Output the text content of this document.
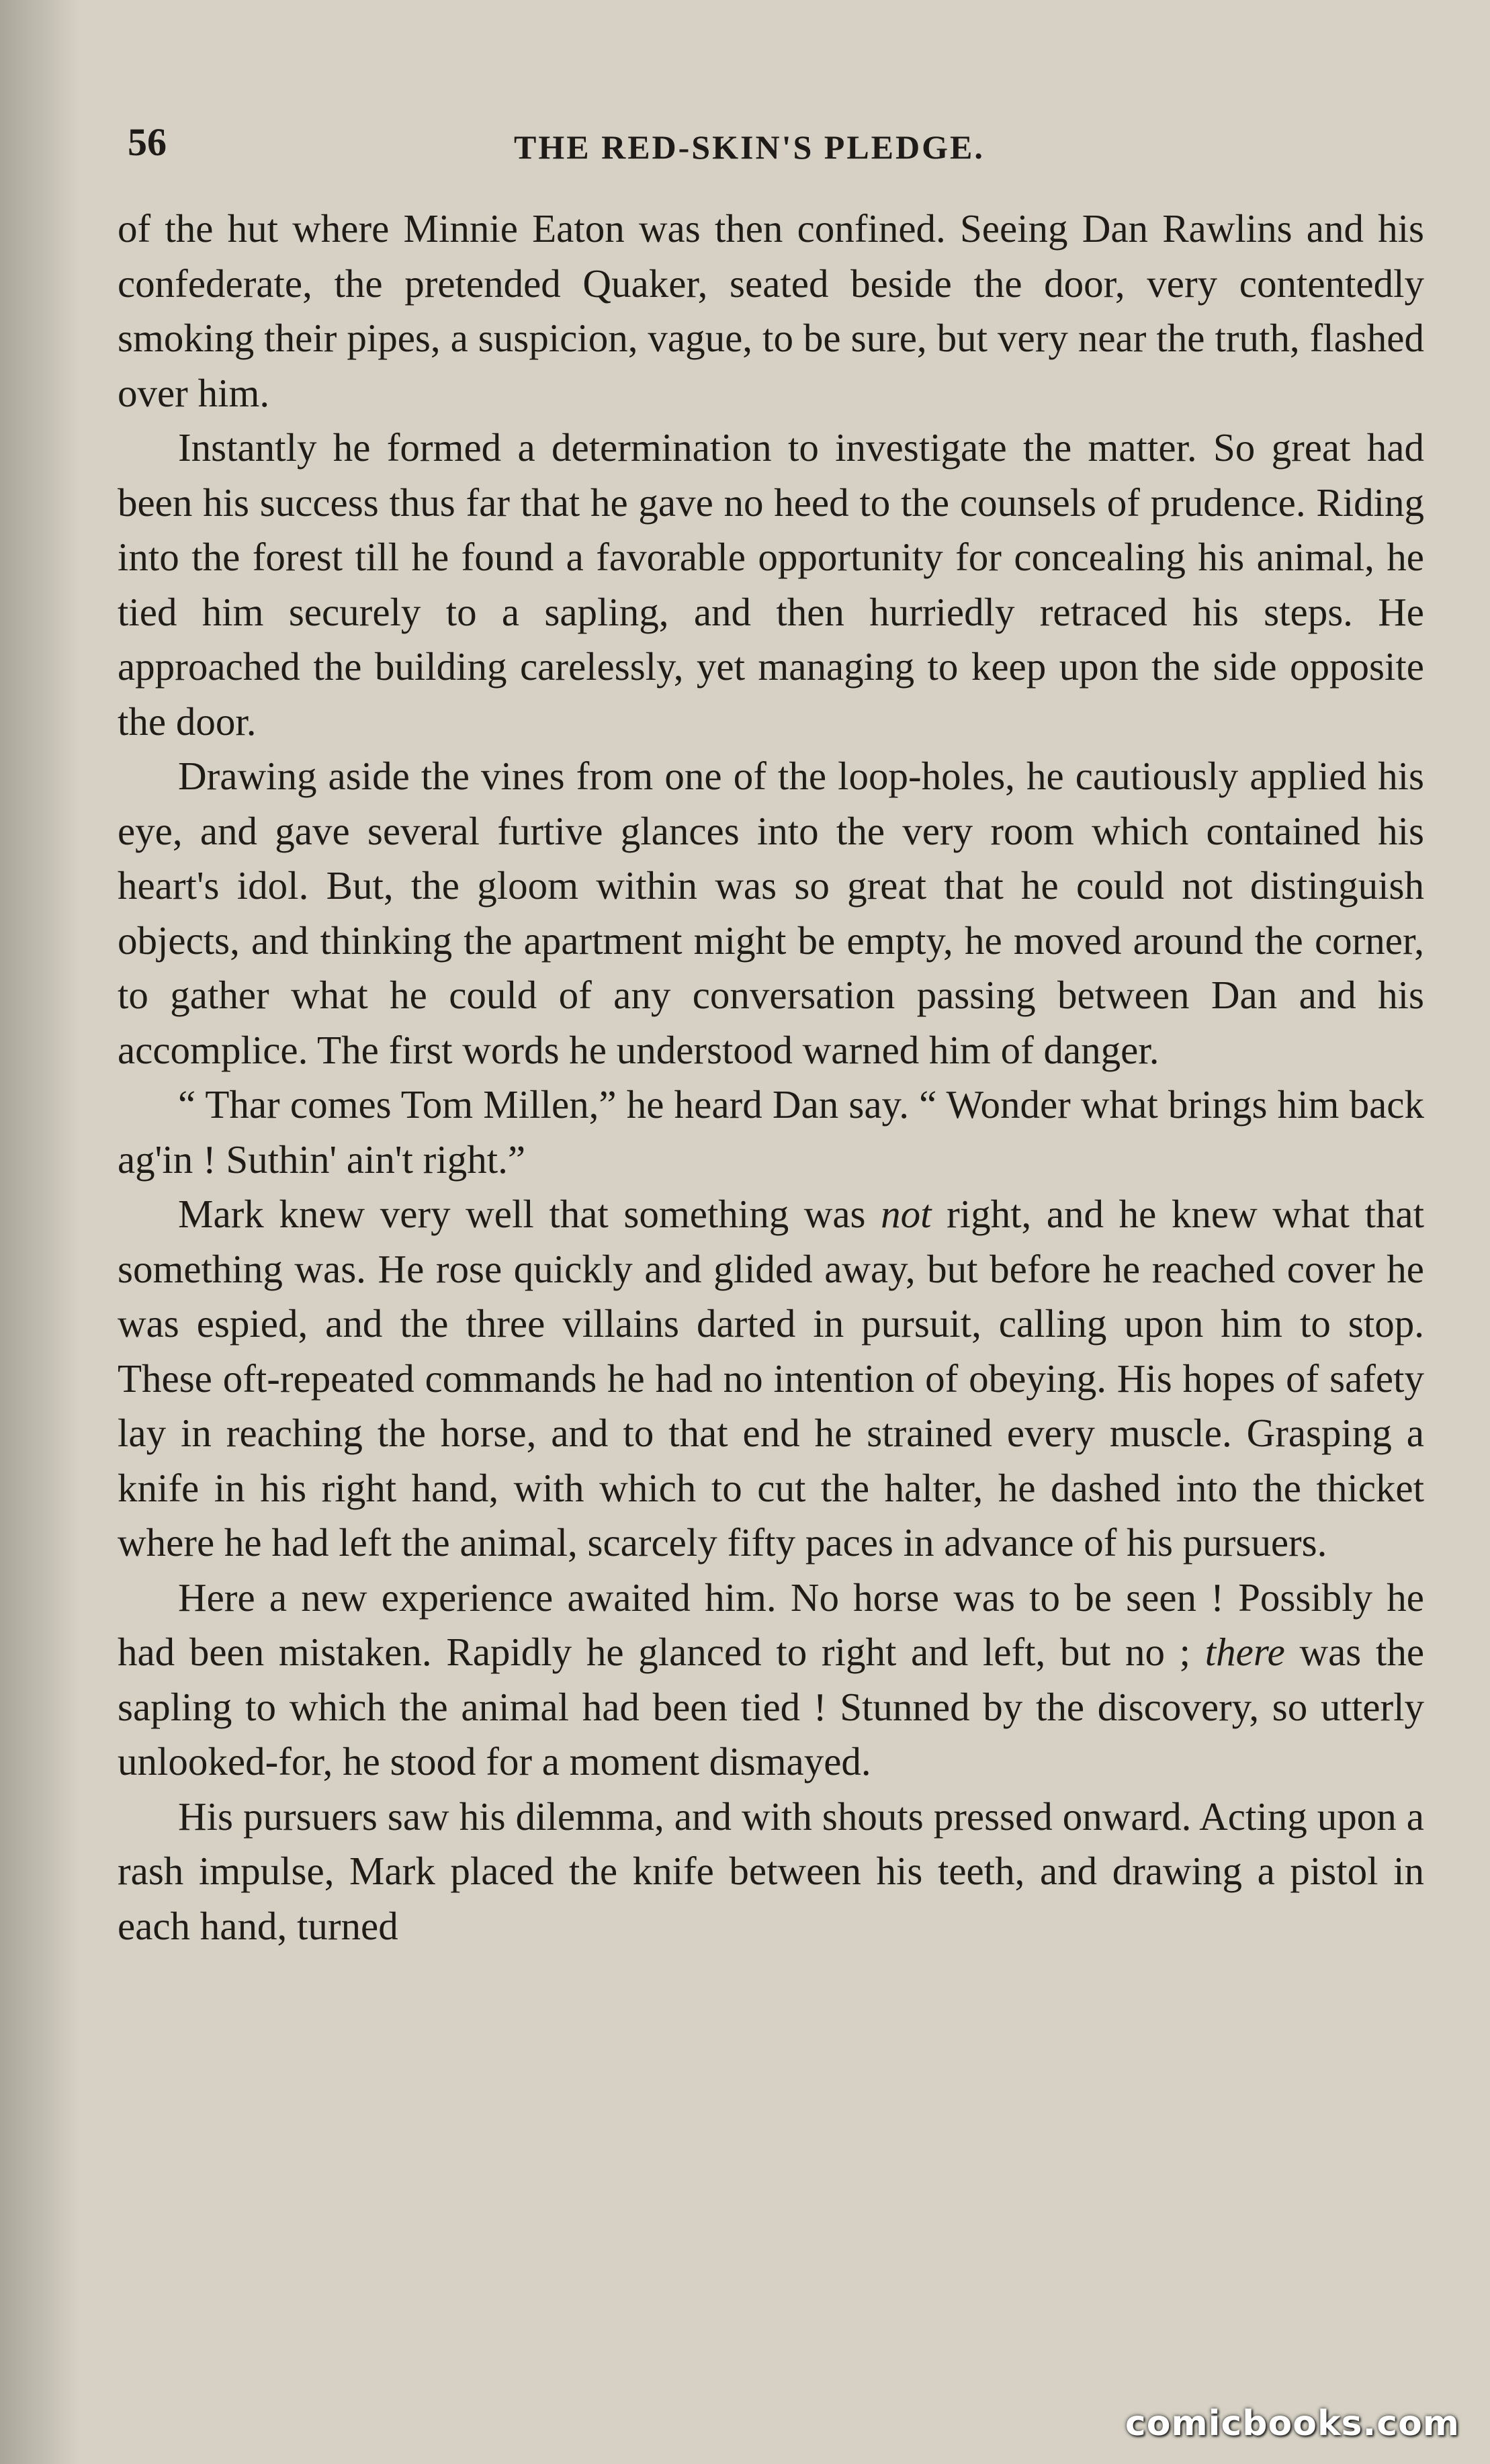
56	THE RED-SKIN'S PLEDGE.

of the hut where Minnie Eaton was then confined. Seeing Dan Rawlins and his confederate, the pretended Quaker, seated beside the door, very contentedly smoking their pipes, a suspicion, vague, to be sure, but very near the truth, flashed over him.

Instantly he formed a determination to investigate the matter. So great had been his success thus far that he gave no heed to the counsels of prudence. Riding into the forest till he found a favorable opportunity for concealing his animal, he tied him securely to a sapling, and then hurriedly retraced his steps. He approached the building carelessly, yet managing to keep upon the side opposite the door.

Drawing aside the vines from one of the loop-holes, he cautiously applied his eye, and gave several furtive glances into the very room which contained his heart's idol. But, the gloom within was so great that he could not distinguish objects, and thinking the apartment might be empty, he moved around the corner, to gather what he could of any conversation passing between Dan and his accomplice. The first words he understood warned him of danger.

“ Thar comes Tom Millen,” he heard Dan say. “ Wonder what brings him back ag'in ! Suthin' ain't right.”

Mark knew very well that something was not right, and he knew what that something was. He rose quickly and glided away, but before he reached cover he was espied, and the three villains darted in pursuit, calling upon him to stop. These oft-repeated commands he had no intention of obeying. His hopes of safety lay in reaching the horse, and to that end he strained every muscle. Grasping a knife in his right hand, with which to cut the halter, he dashed into the thicket where he had left the animal, scarcely fifty paces in advance of his pursuers.

Here a new experience awaited him. No horse was to be seen ! Possibly he had been mistaken. Rapidly he glanced to right and left, but no ; there was the sapling to which the animal had been tied ! Stunned by the discovery, so utterly unlooked-for, he stood for a moment dismayed.

His pursuers saw his dilemma, and with shouts pressed onward. Acting upon a rash impulse, Mark placed the knife between his teeth, and drawing a pistol in each hand, turned

comicbooks.com
